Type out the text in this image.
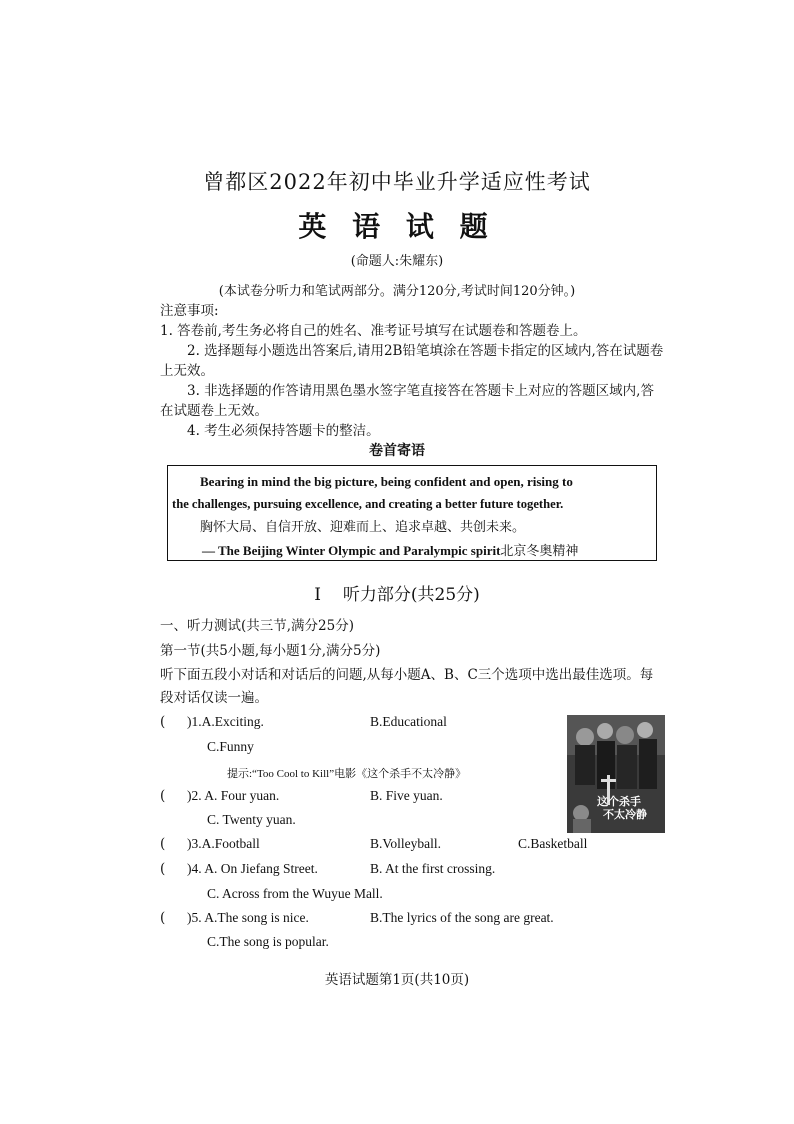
曾都区2022年初中毕业升学适应性考试
英 语 试 题
(命题人:朱耀东)
(本试卷分听力和笔试两部分。满分120分,考试时间120分钟。)

注意事项:

1. 答卷前,考生务必将自己的姓名、准考证号填写在试题卷和答题卷上。

2. 选择题每小题选出答案后,请用2B铅笔填涂在答题卡指定的区域内,答在试题卷上无效。

3. 非选择题的作答请用黑色墨水签字笔直接答在答题卡上对应的答题区域内,答在试题卷上无效。

4. 考生必须保持答题卡的整洁。

卷首寄语
Bearing in mind the big picture, being confident and open, rising to
the challenges, pursuing excellence, and creating a better future together.
胸怀大局、自信开放、迎难而上、追求卓越、共创未来。
— The Beijing Winter Olympic and Paralympic spirit北京冬奥精神
I 听力部分(共25分)
一、听力测试(共三节,满分25分)
第一节(共5小题,每小题1分,满分5分)
听下面五段小对话和对话后的问题,从每小题A、B、C三个选项中选出最佳选项。每段对话仅读一遍。
( )1.A.Exciting.	B.Educational
C.Funny
提示:“Too Cool to Kill”电影《这个杀手不太冷静》
( )2. A. Four yuan.	B. Five yuan.
C. Twenty yuan.
( )3.A.Football	B.Volleyball.	C.Basketball
( )4. A. On Jiefang Street.	B. At the first crossing.
C. Across from the Wuyue Mall.
( )5. A.The song is nice.	B.The lyrics of the song are great.
C.The song is popular.
这个杀手
不太冷静
英语试题第1页(共10页)
